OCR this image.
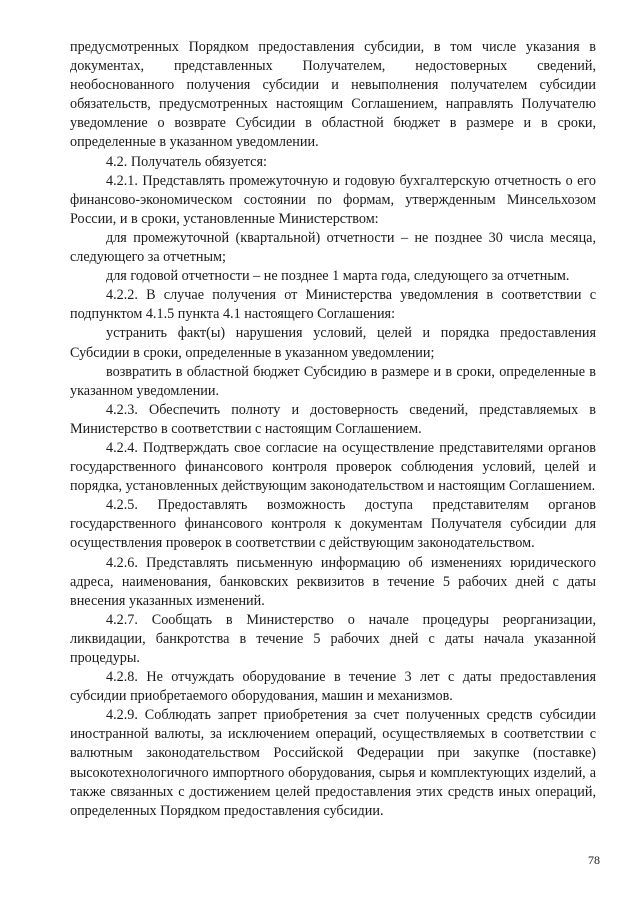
предусмотренных Порядком предоставления субсидии, в том числе указания в документах, представленных Получателем, недостоверных сведений, необоснованного получения субсидии и невыполнения получателем субсидии обязательств, предусмотренных настоящим Соглашением, направлять Получателю уведомление о возврате Субсидии в областной бюджет в размере и в сроки, определенные в указанном уведомлении.

4.2. Получатель обязуется:

4.2.1. Представлять промежуточную и годовую бухгалтерскую отчетность о его финансово-экономическом состоянии по формам, утвержденным Минсельхозом России, и в сроки, установленные Министерством:

для промежуточной (квартальной) отчетности – не позднее 30 числа месяца, следующего за отчетным;

для годовой отчетности – не позднее 1 марта года, следующего за отчетным.

4.2.2. В случае получения от Министерства уведомления в соответствии с подпунктом 4.1.5 пункта 4.1 настоящего Соглашения:

устранить факт(ы) нарушения условий, целей и порядка предоставления Субсидии в сроки, определенные в указанном уведомлении;

возвратить в областной бюджет Субсидию в размере и в сроки, определенные в указанном уведомлении.

4.2.3. Обеспечить полноту и достоверность сведений, представляемых в Министерство в соответствии с настоящим Соглашением.

4.2.4. Подтверждать свое согласие на осуществление представителями органов государственного финансового контроля проверок соблюдения условий, целей и порядка, установленных действующим законодательством и настоящим Соглашением.

4.2.5. Предоставлять возможность доступа представителям органов государственного финансового контроля к документам Получателя субсидии для осуществления проверок в соответствии с действующим законодательством.

4.2.6. Представлять письменную информацию об изменениях юридического адреса, наименования, банковских реквизитов в течение 5 рабочих дней с даты внесения указанных изменений.

4.2.7. Сообщать в Министерство о начале процедуры реорганизации, ликвидации, банкротства в течение 5 рабочих дней с даты начала указанной процедуры.

4.2.8. Не отчуждать оборудование в течение 3 лет с даты предоставления субсидии приобретаемого оборудования, машин и механизмов.

4.2.9. Соблюдать запрет приобретения за счет полученных средств субсидии иностранной валюты, за исключением операций, осуществляемых в соответствии с валютным законодательством Российской Федерации при закупке (поставке) высокотехнологичного импортного оборудования, сырья и комплектующих изделий, а также связанных с достижением целей предоставления этих средств иных операций, определенных Порядком предоставления субсидии.

78
